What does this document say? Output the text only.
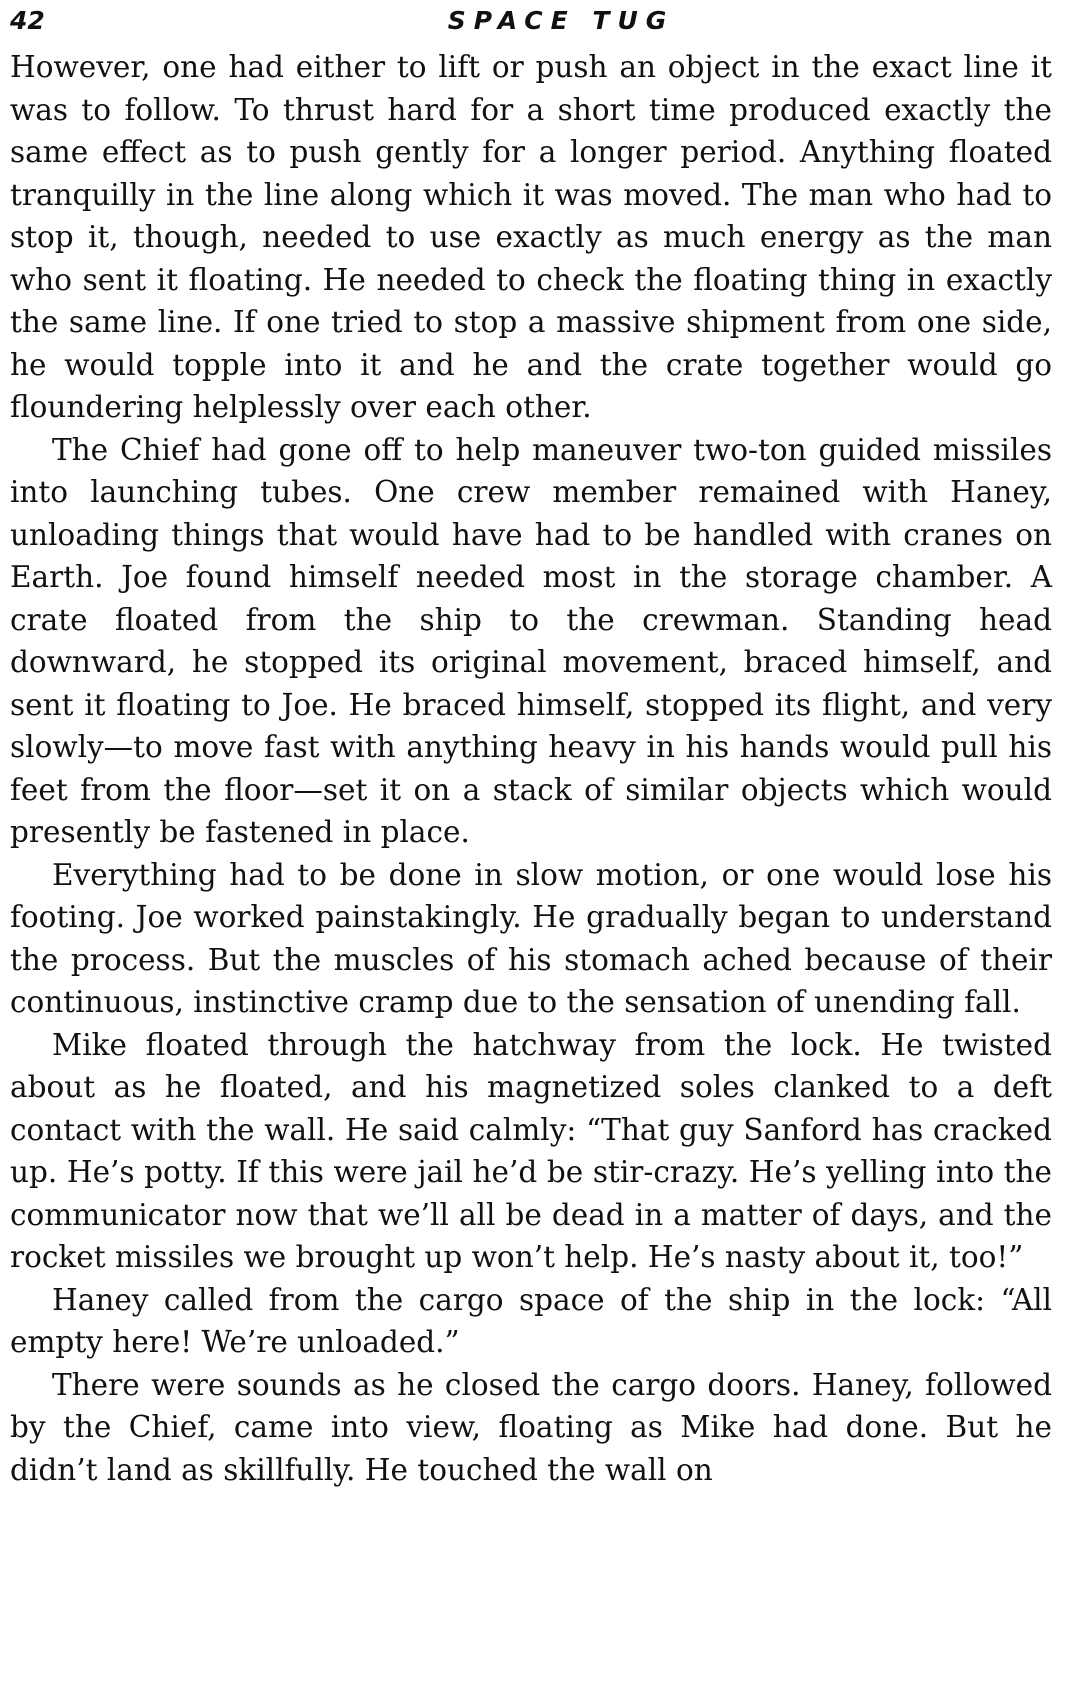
42	SPACE TUG

However, one had either to lift or push an object in the exact line it was to follow. To thrust hard for a short time produced exactly the same effect as to push gently for a longer period. Anything floated tranquilly in the line along which it was moved. The man who had to stop it, though, needed to use exactly as much energy as the man who sent it floating. He needed to check the floating thing in exactly the same line. If one tried to stop a massive shipment from one side, he would topple into it and he and the crate together would go floundering helplessly over each other.

The Chief had gone off to help maneuver two-ton guided missiles into launching tubes. One crew member remained with Haney, unloading things that would have had to be handled with cranes on Earth. Joe found himself needed most in the storage chamber. A crate floated from the ship to the crewman. Standing head downward, he stopped its original movement, braced himself, and sent it floating to Joe. He braced himself, stopped its flight, and very slowly—to move fast with anything heavy in his hands would pull his feet from the floor—set it on a stack of similar objects which would presently be fastened in place.

Everything had to be done in slow motion, or one would lose his footing. Joe worked painstakingly. He gradually began to understand the process. But the muscles of his stomach ached because of their continuous, instinctive cramp due to the sensation of unending fall.

Mike floated through the hatchway from the lock. He twisted about as he floated, and his magnetized soles clanked to a deft contact with the wall. He said calmly: “That guy Sanford has cracked up. He’s potty. If this were jail he’d be stir-crazy. He’s yelling into the communicator now that we’ll all be dead in a matter of days, and the rocket missiles we brought up won’t help. He’s nasty about it, too!”

Haney called from the cargo space of the ship in the lock: “All empty here! We’re unloaded.”

There were sounds as he closed the cargo doors. Haney, followed by the Chief, came into view, floating as Mike had done. But he didn’t land as skillfully. He touched the wall on
